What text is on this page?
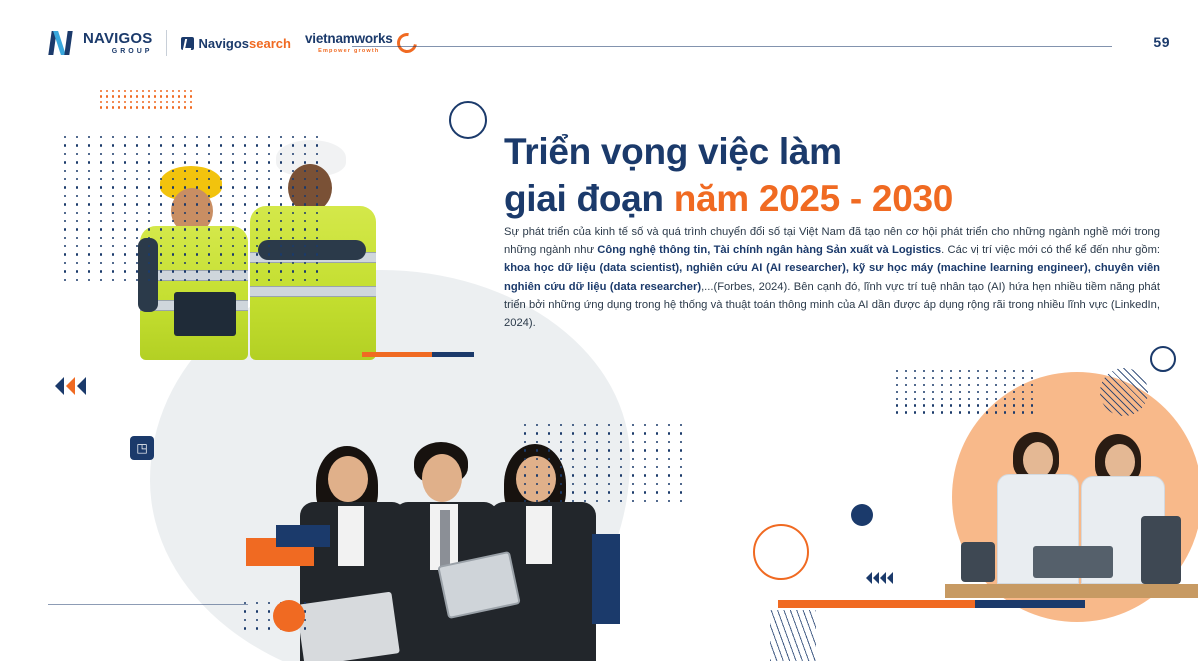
◳
NAVIGOS
GROUP
Navigossearch vietnamworks
Empower growth
59
Triển vọng việc làm
giai đoạn năm 2025 - 2030

Sự phát triển của kinh tế số và quá trình chuyển đổi số tại Việt Nam đã tạo nên cơ hội phát triển cho những ngành nghề mới trong những ngành như Công nghệ thông tin, Tài chính ngân hàng Sản xuất và Logistics. Các vị trí việc mới có thể kể đến như gồm: khoa học dữ liệu (data scientist), nghiên cứu AI (AI researcher), kỹ sư học máy (machine learning engineer), chuyên viên nghiên cứu dữ liệu (data researcher),...(Forbes, 2024). Bên cạnh đó, lĩnh vực trí tuệ nhân tạo (AI) hứa hẹn nhiều tiềm năng phát triển bởi những ứng dụng trong hệ thống và thuật toán thông minh của AI dần được áp dụng rộng rãi trong nhiều lĩnh vực (LinkedIn, 2024).
